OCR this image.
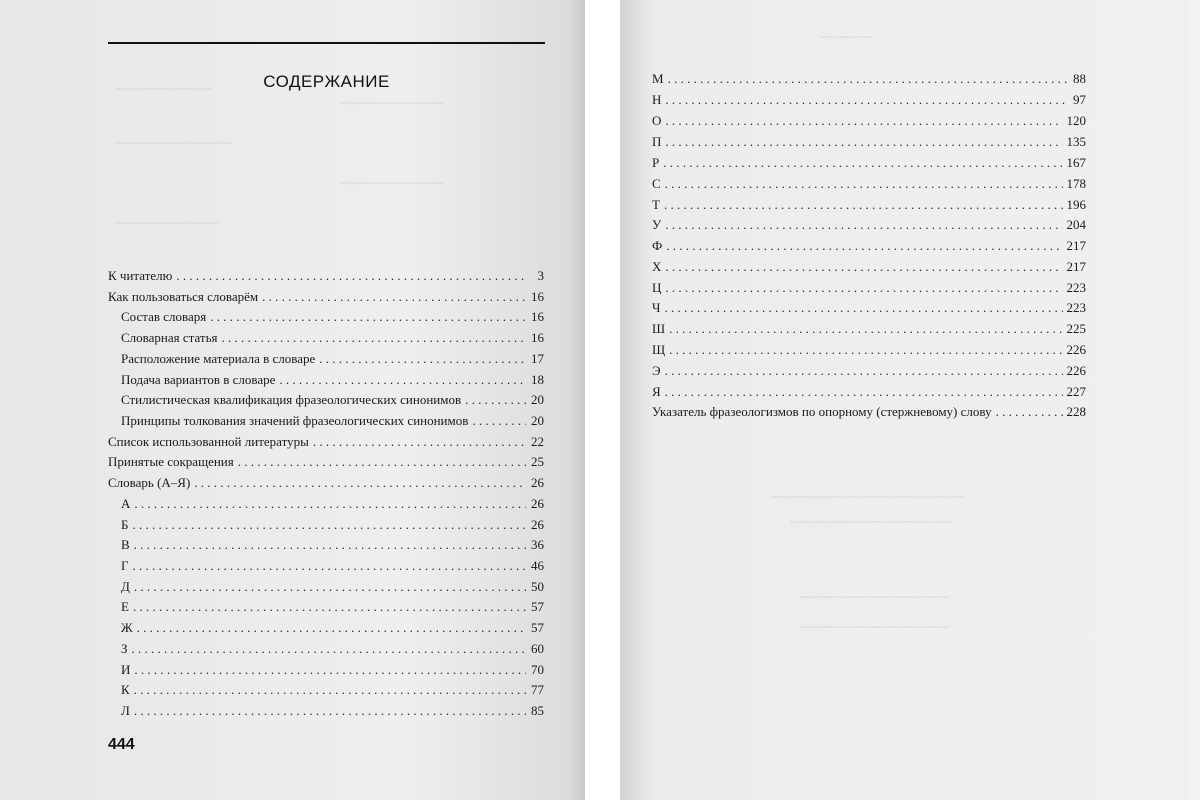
СОДЕРЖАНИЕ
~~~~~~~~~~~~~~~
~~~~~~~~~~~~~~~~
~~~~~~~~~~~~~~~~~~
~~~~~~~~~~~~~~~~
~~~~~~~~~~~~~~~~
К читателю . . .	3
Как пользоваться словарём . . .	16
Состав словаря . . .	16
Словарная статья . . .	16
Расположение материала в словаре . . .	17
Подача вариантов в словаре . . .	18
Стилистическая квалификация фразеологических синонимов . . .	20
Принципы толкования значений фразеологических синонимов . . .	20
Список использованной литературы . . .	22
Принятые сокращения . . .	25
Словарь (А–Я) . . .	26
А . . .	26
Б . . .	26
В . . .	36
Г . . .	46
Д . . .	50
Е . . .	57
Ж . . .	57
З . . .	60
И . . .	70
К . . .	77
Л . . .	85
444
~~~~~~~~
~~~~~~~~~~~~~~~~~~~~~~~~~~~~~~
~~~~~~~~~~~~~~~~~~~~~~~~~
~~~~~~~~~~~~~~~~~~~~~~~
~~~~~~~~~~~~~~~~~~~~~~~
М . . .	88
Н . . .	97
О . . .	120
П . . .	135
Р . . .	167
С . . .	178
Т . . .	196
У . . .	204
Ф . . .	217
Х . . .	217
Ц . . .	223
Ч . . .	223
Ш . . .	225
Щ . . .	226
Э . . .	226
Я . . .	227
Указатель фразеологизмов по опорному (стержневому) слову . . .	228
